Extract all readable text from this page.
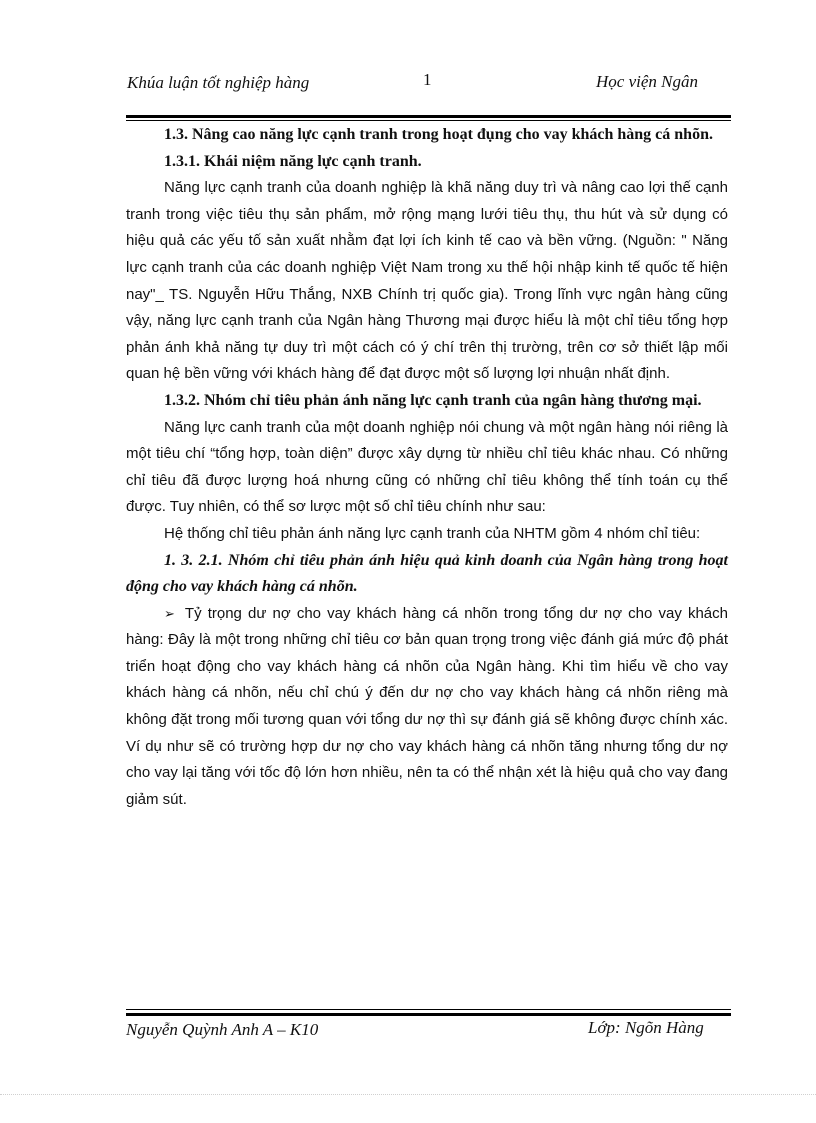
Khúa luận tốt nghiệp hàng	1	Học viện Ngân

1.3. Nâng cao năng lực cạnh tranh trong hoạt đụng cho vay khách hàng cá nhõn.

1.3.1. Khái niệm năng lực cạnh tranh.

Năng lực cạnh tranh của doanh nghiệp là khã năng duy trì và nâng cao lợi thế cạnh tranh trong việc tiêu thụ sản phẩm, mở rộng mạng lưới tiêu thụ, thu hút và sử dụng có hiệu quả các yếu tố sản xuất nhằm đạt lợi ích kinh tế cao và bền vững. (Nguồn: " Năng lực cạnh tranh của các doanh nghiệp Việt Nam trong xu thế hội nhập kinh tế quốc tế hiện nay"_ TS. Nguyễn Hữu Thắng, NXB Chính trị quốc gia). Trong lĩnh vực ngân hàng cũng vậy, năng lực cạnh tranh của Ngân hàng Thương mại được hiểu là một chỉ tiêu tổng hợp phản ánh khả năng tự duy trì một cách có ý chí trên thị trường, trên cơ sở thiết lập mối quan hệ bền vững với khách hàng để đạt được một số lượng lợi nhuận nhất định.

1.3.2. Nhóm chỉ tiêu phản ánh năng lực cạnh tranh của ngân hàng thương mại.

Năng lực canh tranh của một doanh nghiệp nói chung và một ngân hàng nói riêng là một tiêu chí “tổng hợp, toàn diện” được xây dựng từ nhiều chỉ tiêu khác nhau. Có những chỉ tiêu đã được lượng hoá nhưng cũng có những chỉ tiêu không thể tính toán cụ thể được. Tuy nhiên, có thể sơ lược một số chỉ tiêu chính như sau:

Hệ thống chỉ tiêu phản ánh năng lực cạnh tranh của NHTM gồm 4 nhóm chỉ tiêu:

1. 3. 2.1. Nhóm chỉ tiêu phản ánh hiệu quả kinh doanh của Ngân hàng trong hoạt động cho vay khách hàng cá nhõn.

➢ Tỷ trọng dư nợ cho vay khách hàng cá nhõn trong tổng dư nợ cho vay khách hàng: Đây là một trong những chỉ tiêu cơ bản quan trọng trong việc đánh giá mức độ phát triển hoạt động cho vay khách hàng cá nhõn của Ngân hàng. Khi tìm hiểu về cho vay khách hàng cá nhõn, nếu chỉ chú ý đến dư nợ cho vay khách hàng cá nhõn riêng mà không đặt trong mối tương quan với tổng dư nợ thì sự đánh giá sẽ không được chính xác. Ví dụ như sẽ có trường hợp dư nợ cho vay khách hàng cá nhõn tăng nhưng tổng dư nợ cho vay lại tăng với tốc độ lớn hơn nhiều, nên ta có thể nhận xét là hiệu quả cho vay đang giảm sút.

Nguyễn Quỳnh Anh A – K10	Lớp: Ngõn Hàng
